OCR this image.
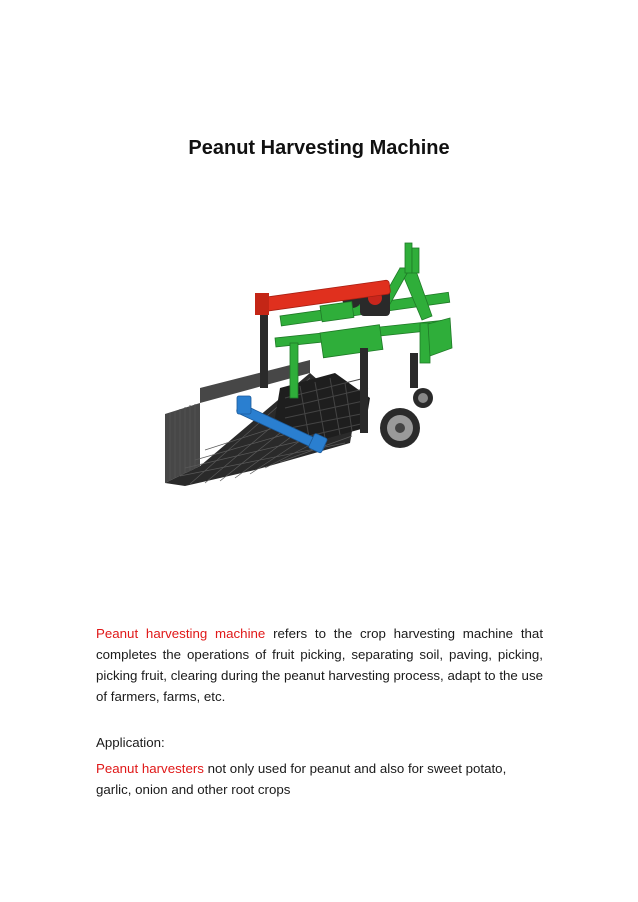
Peanut Harvesting Machine

Peanut harvesting machine refers to the crop harvesting machine that completes the operations of fruit picking, separating soil, paving, picking, picking fruit, clearing during the peanut harvesting process, adapt to the use of farmers, farms, etc.

Application:

Peanut harvesters not only used for peanut and also for sweet potato, garlic, onion and other root crops
